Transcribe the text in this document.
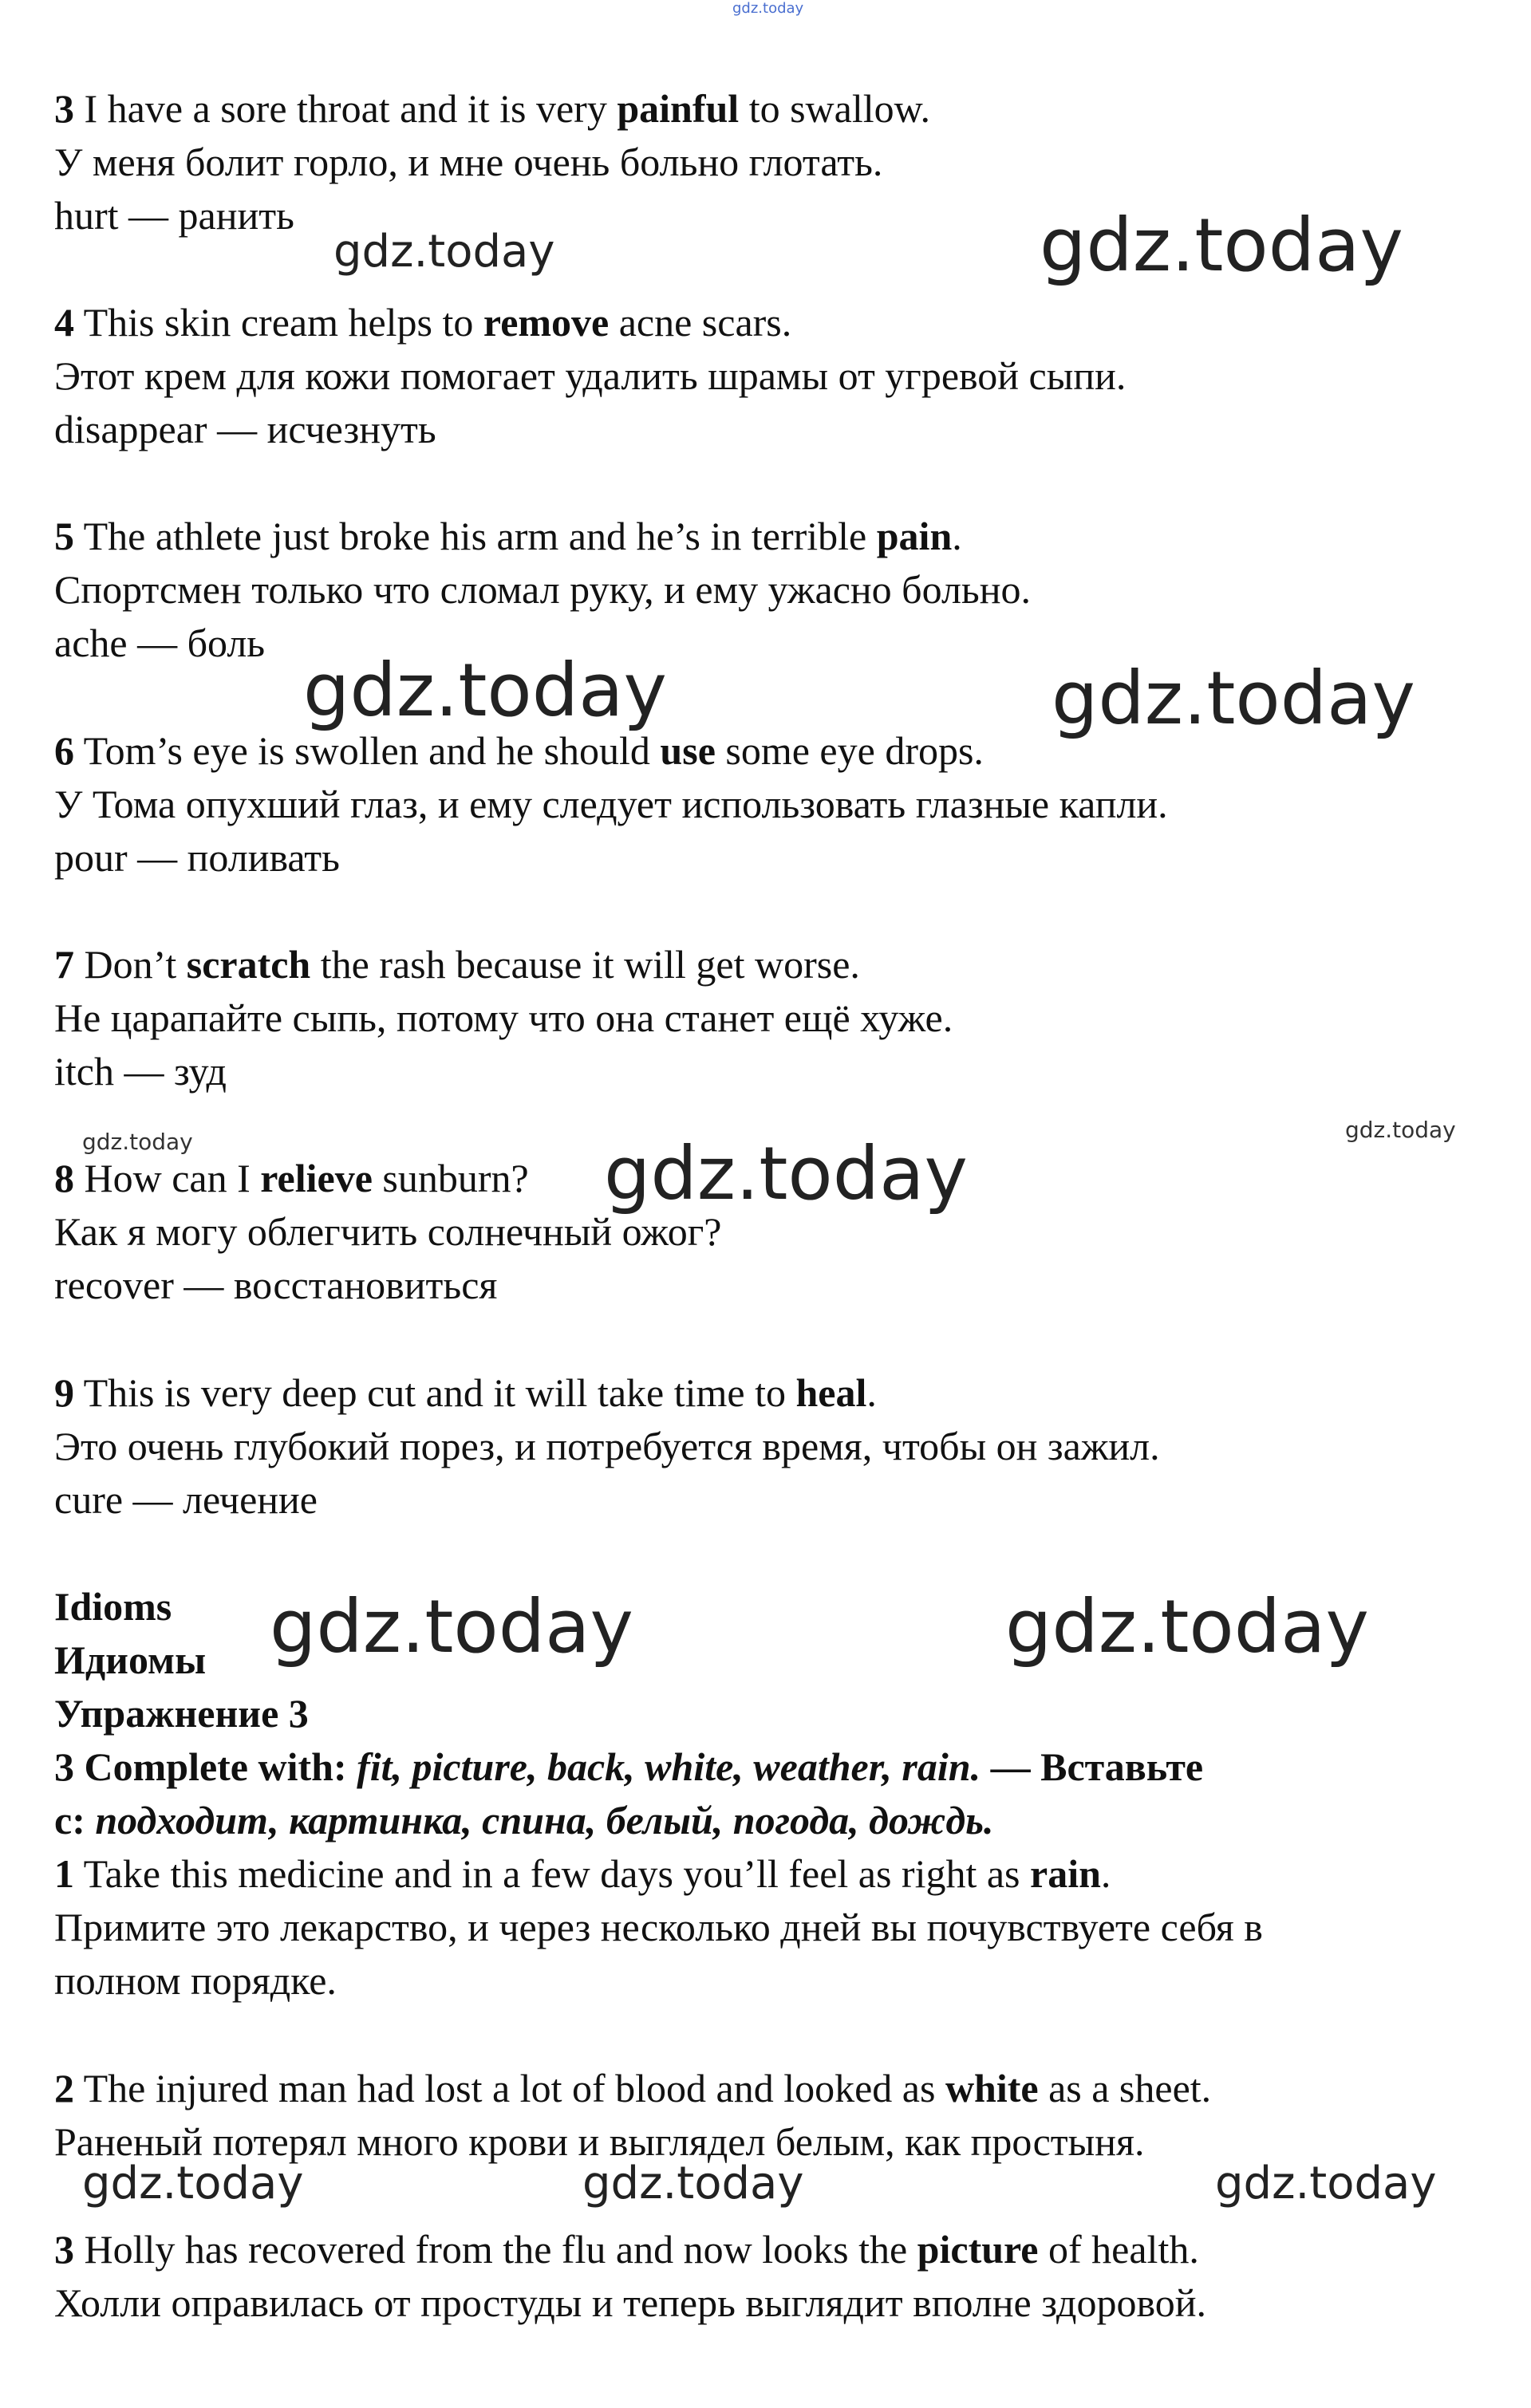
gdz.today
gdz.today	gdz.today
gdz.today	gdz.today
gdz.today	gdz.today
gdz.today
gdz.today	gdz.today
gdz.today	gdz.today	gdz.today
3 I have a sore throat and it is very painful to swallow.
У меня болит горло, и мне очень больно глотать.
hurt — ранить
4 This skin cream helps to remove acne scars.
Этот крем для кожи помогает удалить шрамы от угревой сыпи.
disappear — исчезнуть
5 The athlete just broke his arm and he’s in terrible pain.
Спортсмен только что сломал руку, и ему ужасно больно.
ache — боль
6 Tom’s eye is swollen and he should use some eye drops.
У Тома опухший глаз, и ему следует использовать глазные капли.
pour — поливать
7 Don’t scratch the rash because it will get worse.
Не царапайте сыпь, потому что она станет ещё хуже.
itch — зуд
8 How can I relieve sunburn?
Как я могу облегчить солнечный ожог?
recover — восстановиться
9 This is very deep cut and it will take time to heal.
Это очень глубокий порез, и потребуется время, чтобы он зажил.
cure — лечение
Idioms
Идиомы
Упражнение 3
3 Complete with: fit, picture, back, white, weather, rain. — Вставьте
с: подходит, картинка, спина, белый, погода, дождь.
1 Take this medicine and in a few days you’ll feel as right as rain.
Примите это лекарство, и через несколько дней вы почувствуете себя в
полном порядке.
2 The injured man had lost a lot of blood and looked as white as a sheet.
Раненый потерял много крови и выглядел белым, как простыня.
3 Holly has recovered from the flu and now looks the picture of health.
Холли оправилась от простуды и теперь выглядит вполне здоровой.
